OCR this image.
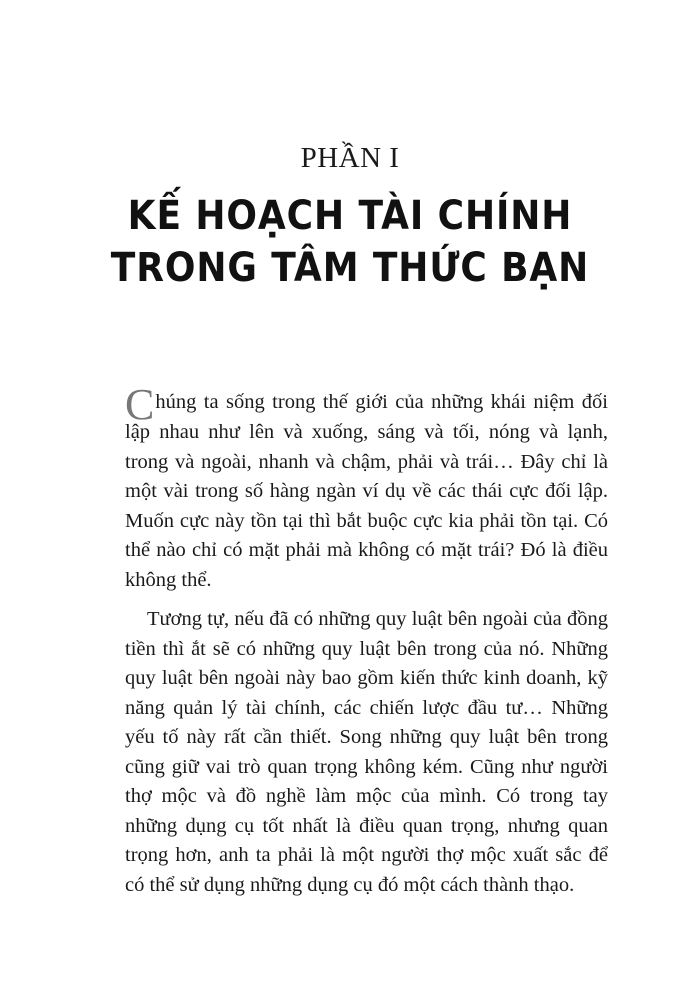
PHẦN I
KẾ HOẠCH TÀI CHÍNH
TRONG TÂM THỨC BẠN

Chúng ta sống trong thế giới của những khái niệm đối lập nhau như lên và xuống, sáng và tối, nóng và lạnh, trong và ngoài, nhanh và chậm, phải và trái… Đây chỉ là một vài trong số hàng ngàn ví dụ về các thái cực đối lập. Muốn cực này tồn tại thì bắt buộc cực kia phải tồn tại. Có thể nào chỉ có mặt phải mà không có mặt trái? Đó là điều không thể.

Tương tự, nếu đã có những quy luật bên ngoài của đồng tiền thì ắt sẽ có những quy luật bên trong của nó. Những quy luật bên ngoài này bao gồm kiến thức kinh doanh, kỹ năng quản lý tài chính, các chiến lược đầu tư… Những yếu tố này rất cần thiết. Song những quy luật bên trong cũng giữ vai trò quan trọng không kém. Cũng như người thợ mộc và đồ nghề làm mộc của mình. Có trong tay những dụng cụ tốt nhất là điều quan trọng, nhưng quan trọng hơn, anh ta phải là một người thợ mộc xuất sắc để có thể sử dụng những dụng cụ đó một cách thành thạo.
